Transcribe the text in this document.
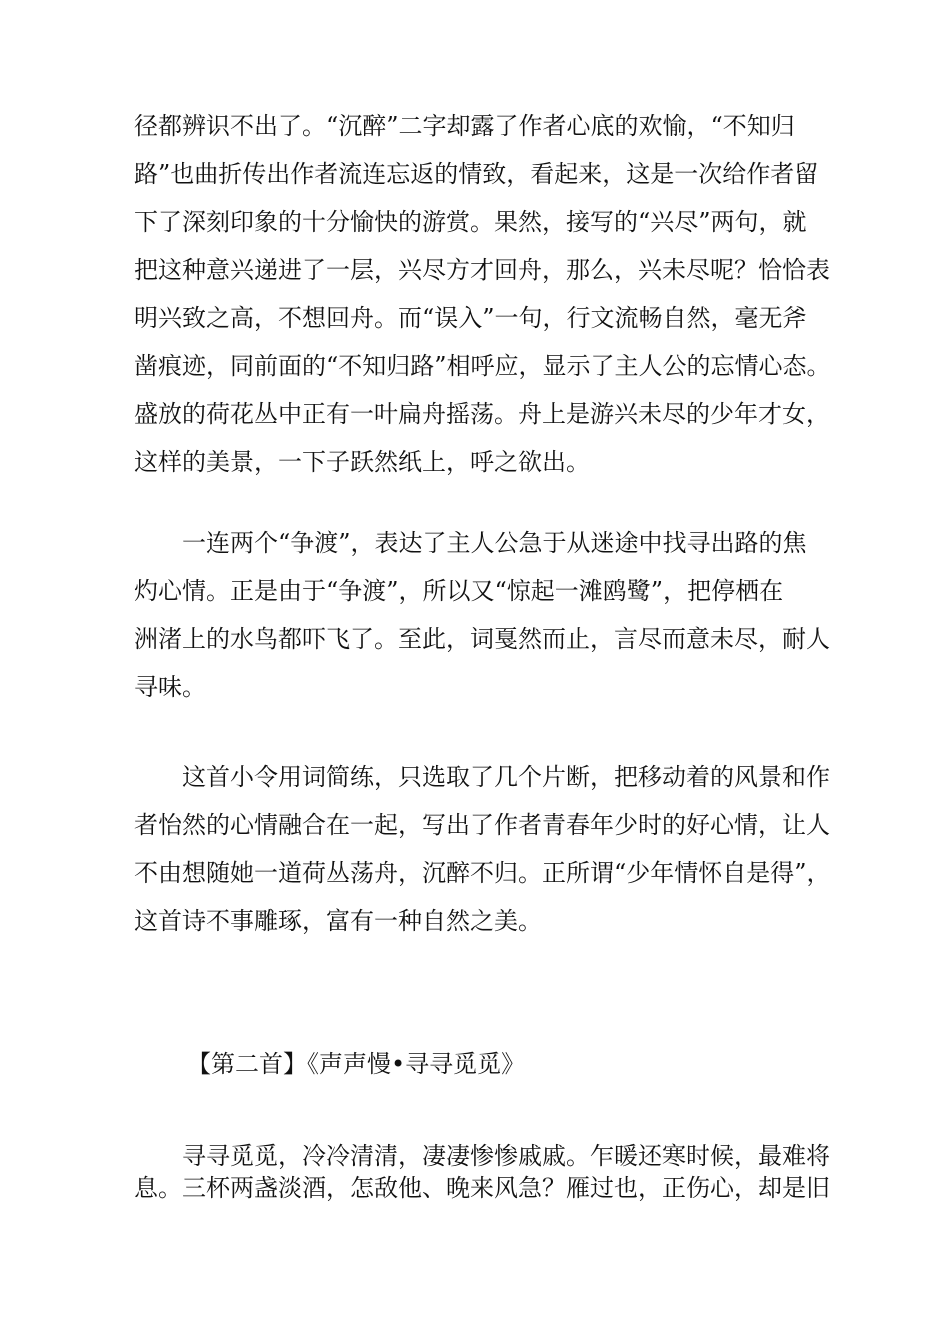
径都辨识不出了。“沉醉”二字却露了作者心底的欢愉，“不知归
路”也曲折传出作者流连忘返的情致，看起来，这是一次给作者留
下了深刻印象的十分愉快的游赏。果然，接写的“兴尽”两句，就
把这种意兴递进了一层，兴尽方才回舟，那么，兴未尽呢？恰恰表
明兴致之高，不想回舟。而“误入”一句，行文流畅自然，毫无斧
凿痕迹，同前面的“不知归路”相呼应，显示了主人公的忘情心态。
盛放的荷花丛中正有一叶扁舟摇荡。舟上是游兴未尽的少年才女，
这样的美景，一下子跃然纸上，呼之欲出。
　　一连两个“争渡”，表达了主人公急于从迷途中找寻出路的焦
灼心情。正是由于“争渡”，所以又“惊起一滩鸥鹭”，把停栖在
洲渚上的水鸟都吓飞了。至此，词戛然而止，言尽而意未尽，耐人
寻味。
　　这首小令用词简练，只选取了几个片断，把移动着的风景和作
者怡然的心情融合在一起，写出了作者青春年少时的好心情，让人
不由想随她一道荷丛荡舟，沉醉不归。正所谓“少年情怀自是得”，
这首诗不事雕琢，富有一种自然之美。
【第二首】《声声慢•寻寻觅觅》
　　寻寻觅觅，冷冷清清，凄凄惨惨戚戚。乍暖还寒时候，最难将
息。三杯两盏淡酒，怎敌他、晚来风急？雁过也，正伤心，却是旧
